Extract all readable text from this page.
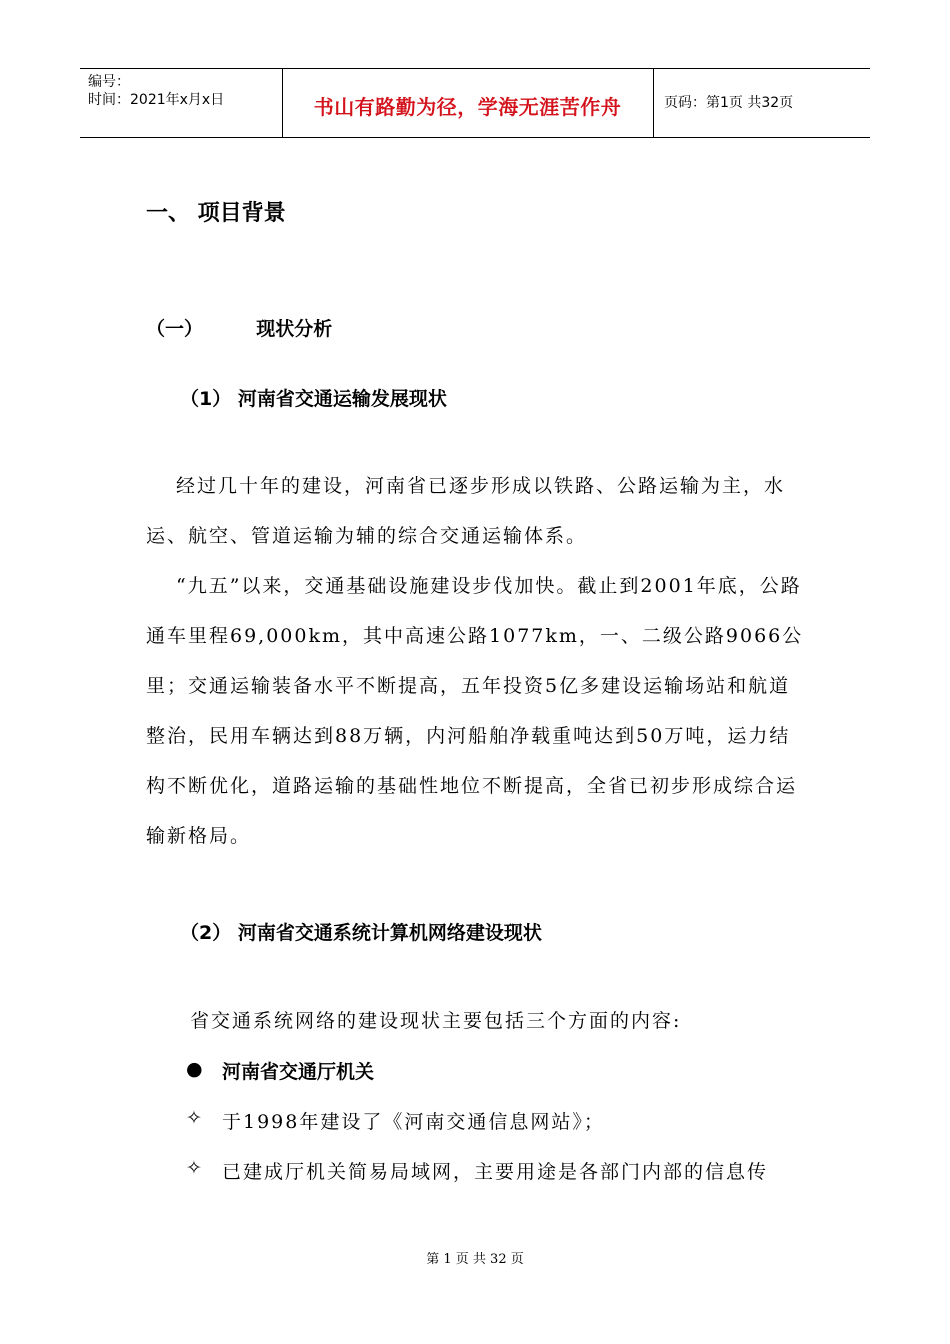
编号：
时间：2021年x月x日	书山有路勤为径，学海无涯苦作舟	页码：第1页 共32页
一、 项目背景
（一）	现状分析
（1） 河南省交通运输发展现状

经过几十年的建设，河南省已逐步形成以铁路、公路运输为主，水运、航空、管道运输为辅的综合交通运输体系。

“九五”以来，交通基础设施建设步伐加快。截止到2001年底，公路通车里程69,000km，其中高速公路1077km，一、二级公路9066公里；交通运输装备水平不断提高，五年投资5亿多建设运输场站和航道整治，民用车辆达到88万辆，内河船舶净载重吨达到50万吨，运力结构不断优化，道路运输的基础性地位不断提高，全省已初步形成综合运输新格局。

（2） 河南省交通系统计算机网络建设现状
省交通系统网络的建设现状主要包括三个方面的内容:
● 河南省交通厅机关
✧ 于1998年建设了《河南交通信息网站》；
✧ 已建成厅机关简易局域网，主要用途是各部门内部的信息传
第 1 页 共 32 页
